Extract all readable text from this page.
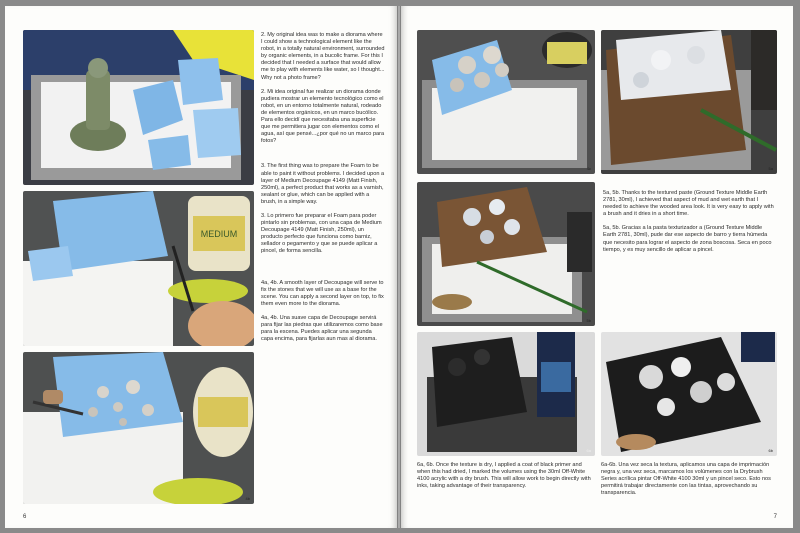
MEDIUM
4b

2. My original idea was to make a diorama where I could show a technological element like the robot, in a totally natural environment, surrounded by organic elements, in a bucolic frame. For this I decided that I needed a surface that would allow me to play with elements like water, so I thought... Why not a photo frame?

2. Mi idea original fue realizar un diorama donde pudiera mostrar un elemento tecnológico como el robot, en un entorno totalmente natural, rodeado de elementos orgánicos, en un marco bucólico. Para ello decidí que necesitaba una superficie que me permitiera jugar con elementos como el agua, así que pensé...¿por qué no un marco para fotos?

3. The first thing was to prepare the Foam to be able to paint it without problems. I decided upon a layer of Medium Decoupage 4149 (Matt Finish, 250ml), a perfect product that works as a varnish, sealant or glue, which can be applied with a brush, in a simple way.

3. Lo primero fue preparar el Foam para poder pintarlo sin problemas, con una capa de Medium Decoupage 4149 (Matt Finish, 250ml), un producto perfecto que funciona como barniz, sellador o pegamento y que se puede aplicar a pincel, de forma sencilla.

4a, 4b. A smooth layer of Decoupage will serve to fix the stones that we will use as a base for the scene. You can apply a second layer on top, to fix them even more to the diorama.

4a, 4b. Una suave capa de Decoupage servirá para fijar las piedras que utilizaremos como base para la escena. Puedes aplicar una segunda capa encima, para fijarlas aun mas al diorama.

6
4c	5a
5b

5a, 5b. Thanks to the textured paste (Ground Texture Middle Earth 2781, 30ml), I achieved that aspect of mud and wet earth that I needed to achieve the wooded area look. It is very easy to apply with a brush and it dries in a short time.

5a, 5b. Gracias a la pasta texturizador a (Ground Texture Middle Earth 2781, 30ml), pude dar ese aspecto de barro y tierra húmeda que necesito para lograr el aspecto de zona boscosa. Seca en poco tiempo, y es muy sencillo de aplicar a pincel.

6a	6b
6a, 6b. Once the texture is dry, I applied a coat of black primer and when this had dried, I marked the volumes using the 30ml Off-White 4100 acrylic with a dry brush. This will allow work to begin directly with inks, taking advantage of their transparency.
6a-6b. Una vez seca la textura, aplicamos una capa de imprimación negra y, una vez seca, marcamos los volúmenes con la Drybrush Series acrílica pintar Off-White 4100 30ml y un pincel seco. Esto nos permitirá trabajar directamente con las tintas, aprovechando su transparencia.
7
